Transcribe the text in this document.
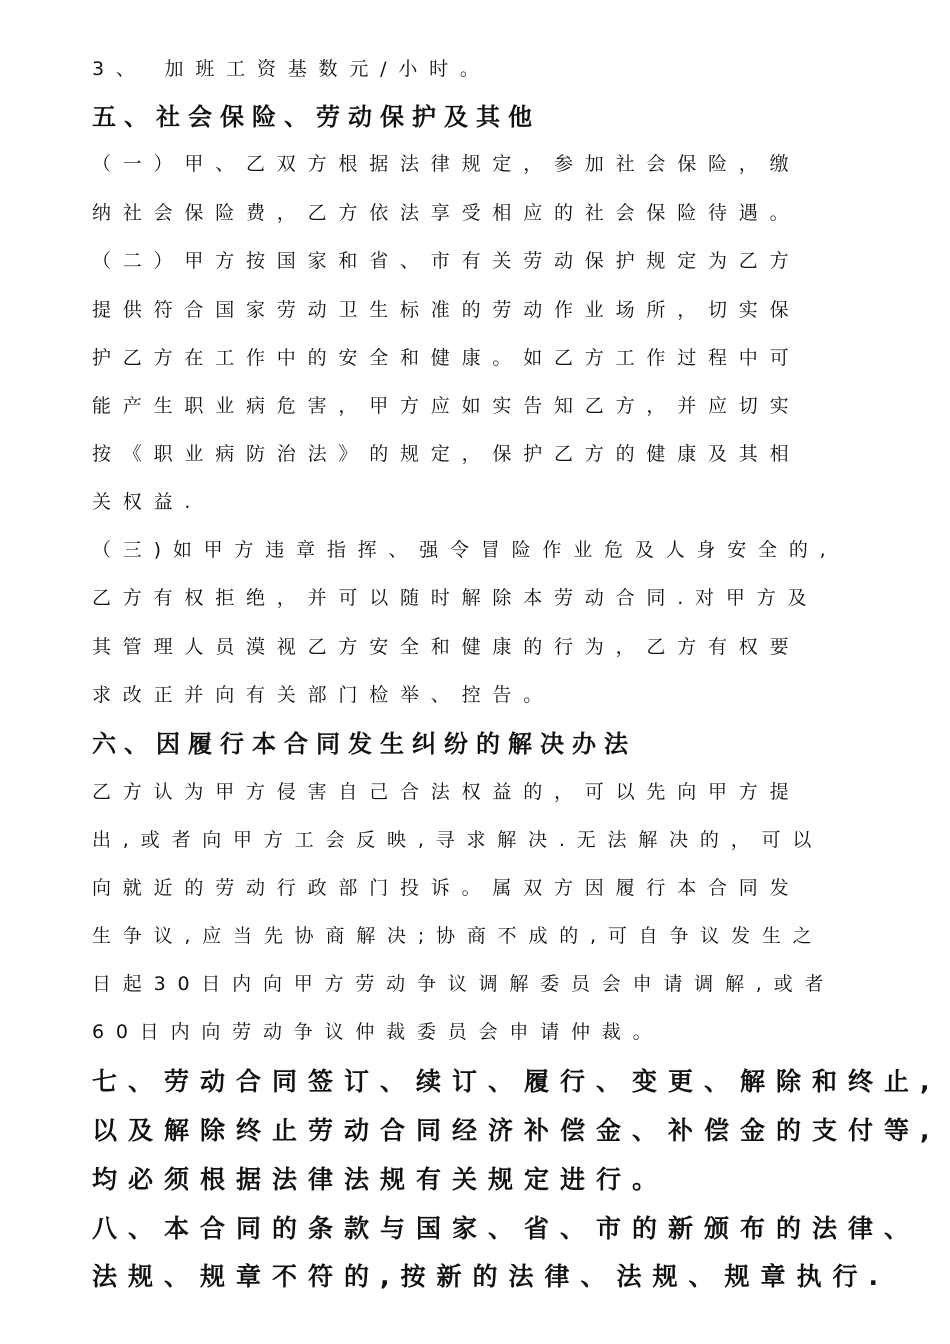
3、 加班工资基数元/小时。
五、社会保险、劳动保护及其他
（一）甲、乙双方根据法律规定，参加社会保险，缴
纳社会保险费，乙方依法享受相应的社会保险待遇。
（二）甲方按国家和省、市有关劳动保护规定为乙方
提供符合国家劳动卫生标准的劳动作业场所，切实保
护乙方在工作中的安全和健康。如乙方工作过程中可
能产生职业病危害，甲方应如实告知乙方，并应切实
按《职业病防治法》的规定，保护乙方的健康及其相
关权益.
（三)如甲方违章指挥、强令冒险作业危及人身安全的,
乙方有权拒绝，并可以随时解除本劳动合同.对甲方及
其管理人员漠视乙方安全和健康的行为，乙方有权要
求改正并向有关部门检举、控告。
六、因履行本合同发生纠纷的解决办法
乙方认为甲方侵害自己合法权益的，可以先向甲方提
出,或者向甲方工会反映,寻求解决.无法解决的，可以
向就近的劳动行政部门投诉。属双方因履行本合同发
生争议,应当先协商解决;协商不成的,可自争议发生之
日起30日内向甲方劳动争议调解委员会申请调解,或者
60日内向劳动争议仲裁委员会申请仲裁。
七、劳动合同签订、续订、履行、变更、解除和终止,
以及解除终止劳动合同经济补偿金、补偿金的支付等,
均必须根据法律法规有关规定进行。
八、本合同的条款与国家、省、市的新颁布的法律、
法规、规章不符的,按新的法律、法规、规章执行.
